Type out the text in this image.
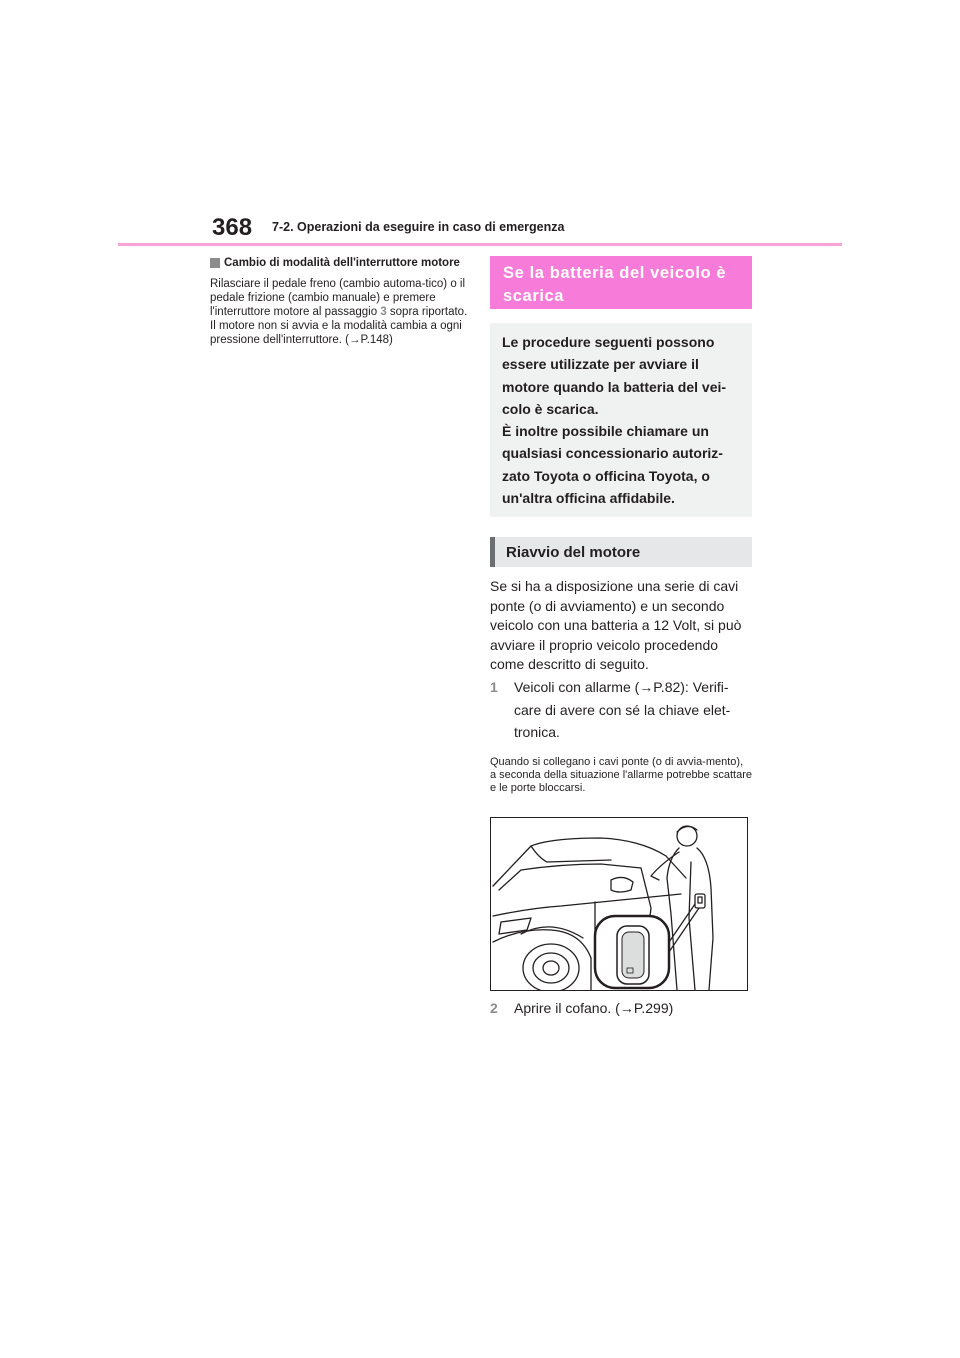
368 7-2. Operazioni da eseguire in caso di emergenza
Cambio di modalità dell'interruttore motore
Rilasciare il pedale freno (cambio automa-tico) o il pedale frizione (cambio manuale) e premere l'interruttore motore al passaggio 3 sopra riportato.
Il motore non si avvia e la modalità cambia a ogni pressione dell'interruttore. (→P.148)
Se la batteria del veicolo è scarica
Le procedure seguenti possono essere utilizzate per avviare il motore quando la batteria del vei-colo è scarica.
È inoltre possibile chiamare un qualsiasi concessionario autoriz-zato Toyota o officina Toyota, o un'altra officina affidabile.
Riavvio del motore
Se si ha a disposizione una serie di cavi ponte (o di avviamento) e un secondo veicolo con una batteria a 12 Volt, si può avviare il proprio veicolo procedendo come descritto di seguito.
1	Veicoli con allarme (→P.82): Verifi-care di avere con sé la chiave elet-tronica.
Quando si collegano i cavi ponte (o di avvia-mento), a seconda della situazione l'allarme potrebbe scattare e le porte bloccarsi.
2	Aprire il cofano. (→P.299)
